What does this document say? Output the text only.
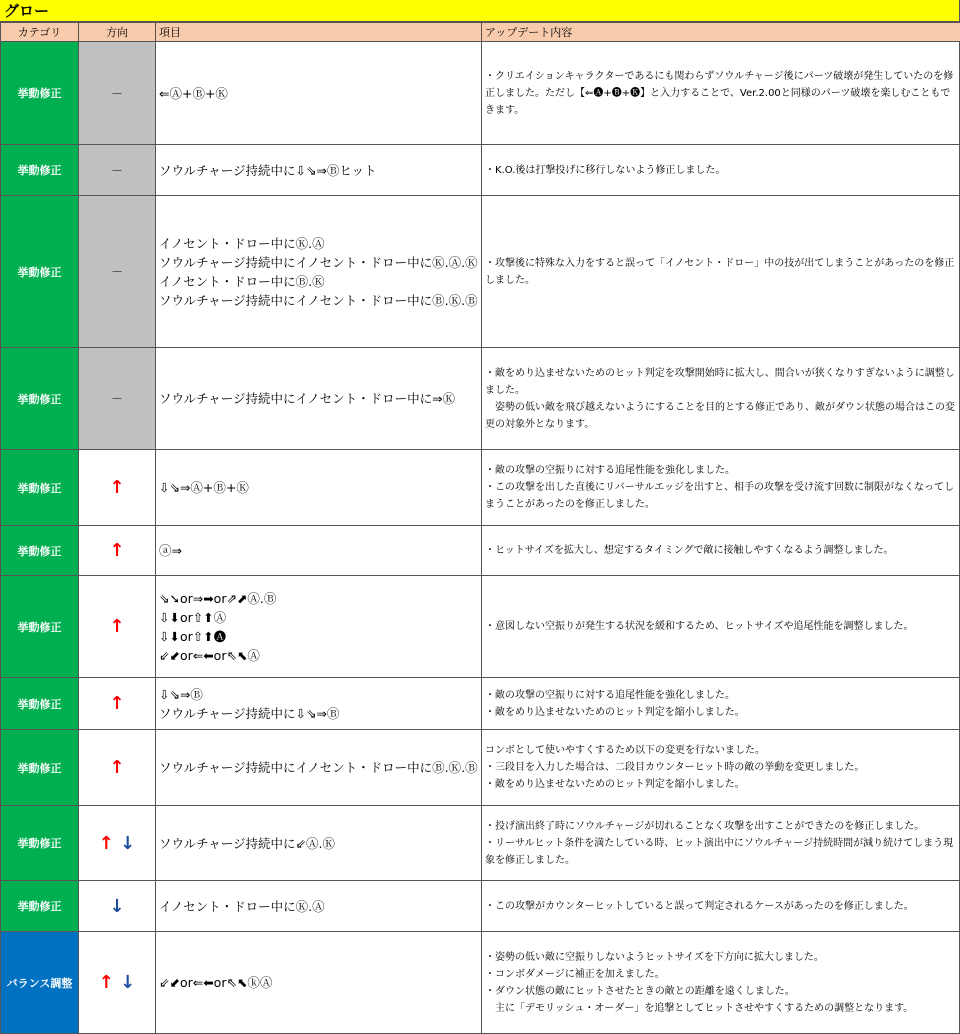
グロー
カテゴリ	方向	項目	アップデート内容
挙動修正	－	⇐Ⓐ+Ⓑ+Ⓚ	・クリエイションキャラクターであるにも関わらずソウルチャージ後にパーツ破壊が発生していたのを修正しました。ただし【⇐🅐+🅑+🅚】と入力することで、Ver.2.00と同様のパーツ破壊を楽しむこともできます。

挙動修正	－	ソウルチャージ持続中に⇩⇘⇒Ⓑヒット	・K.O.後は打撃投げに移行しないよう修正しました。

挙動修正	－	イノセント・ドロー中にⓀ.Ⓐ
ソウルチャージ持続中にイノセント・ドロー中にⓀ.Ⓐ.Ⓚ
イノセント・ドロー中にⒷ.Ⓚ
ソウルチャージ持続中にイノセント・ドロー中にⒷ.Ⓚ.Ⓑ	・攻撃後に特殊な入力をすると誤って「イノセント・ドロー」中の技が出てしまうことがあったのを修正しました。

挙動修正	－	ソウルチャージ持続中にイノセント・ドロー中に⇒Ⓚ	・敵をめり込ませないためのヒット判定を攻撃開始時に拡大し、間合いが狭くなりすぎないように調整しました。
　姿勢の低い敵を飛び越えないようにすることを目的とする修正であり、敵がダウン状態の場合はこの変更の対象外となります。

挙動修正	↑	⇩⇘⇒Ⓐ+Ⓑ+Ⓚ	・敵の攻撃の空振りに対する追尾性能を強化しました。
・この攻撃を出した直後にリバーサルエッジを出すと、相手の攻撃を受け流す回数に制限がなくなってしまうことがあったのを修正しました。

挙動修正	↑	ⓐ⇒	・ヒットサイズを拡大し、想定するタイミングで敵に接触しやすくなるよう調整しました。

挙動修正	↑	⇘➘or⇒➡or⇗⬈Ⓐ.Ⓑ
⇩⬇or⇧⬆Ⓐ
⇩⬇or⇧⬆🅐
⇙⬋or⇐⬅or⇖⬉Ⓐ	・意図しない空振りが発生する状況を緩和するため、ヒットサイズや追尾性能を調整しました。

挙動修正	↑	⇩⇘⇒Ⓑ
ソウルチャージ持続中に⇩⇘⇒Ⓑ	・敵の攻撃の空振りに対する追尾性能を強化しました。
・敵をめり込ませないためのヒット判定を縮小しました。

挙動修正	↑	ソウルチャージ持続中にイノセント・ドロー中にⒷ.Ⓚ.Ⓑ	コンボとして使いやすくするため以下の変更を行ないました。
・三段目を入力した場合は、二段目カウンターヒット時の敵の挙動を変更しました。
・敵をめり込ませないためのヒット判定を縮小しました。

挙動修正	↑ ↓	ソウルチャージ持続中に⇙Ⓐ.Ⓚ	・投げ演出終了時にソウルチャージが切れることなく攻撃を出すことができたのを修正しました。
・リーサルヒット条件を満たしている時、ヒット演出中にソウルチャージ持続時間が減り続けてしまう現象を修正しました。

挙動修正	↓	イノセント・ドロー中にⓀ.Ⓐ	・この攻撃がカウンターヒットしていると誤って判定されるケースがあったのを修正しました。

バランス調整	↑ ↓	⇙⬋or⇐⬅or⇖⬉ⓚⒶ	・姿勢の低い敵に空振りしないようヒットサイズを下方向に拡大しました。
・コンボダメージに補正を加えました。
・ダウン状態の敵にヒットさせたときの敵との距離を遠くしました。
　主に「デモリッシュ・オーダー」を追撃としてヒットさせやすくするための調整となります。
